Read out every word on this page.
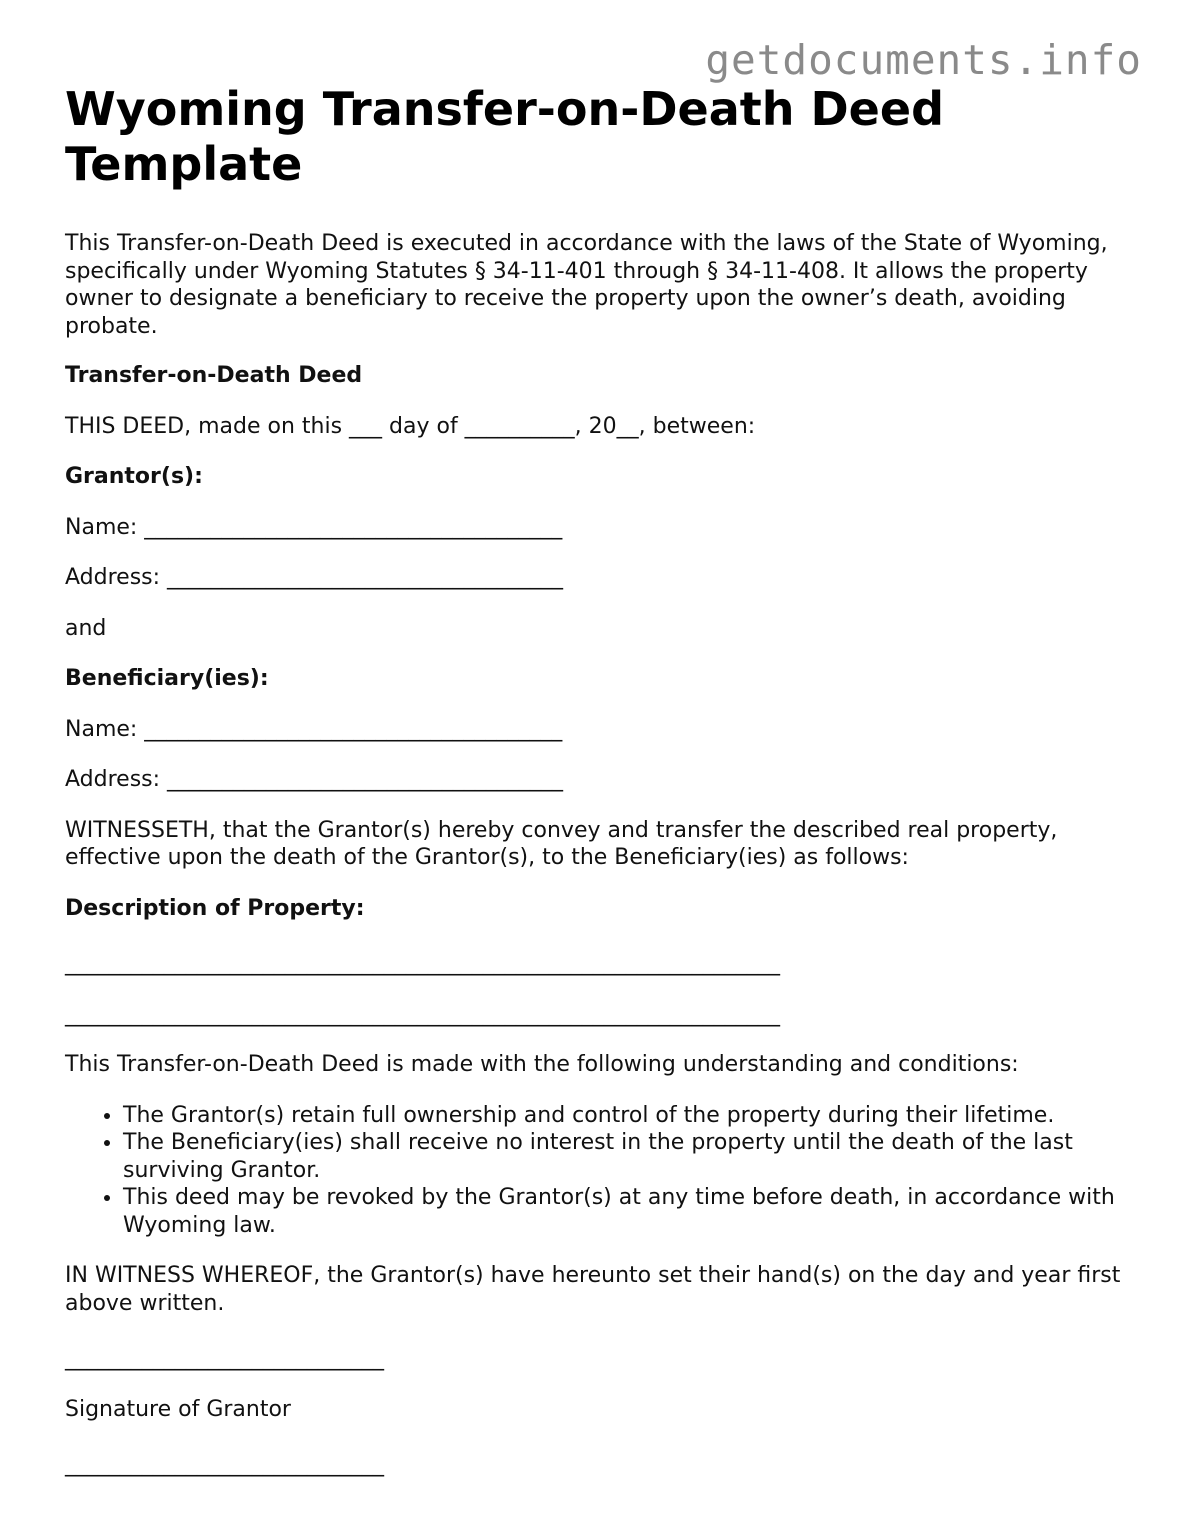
getdocuments.info
Wyoming Transfer-on-Death Deed Template

This Transfer-on-Death Deed is executed in accordance with the laws of the State of Wyoming, specifically under Wyoming Statutes § 34-11-401 through § 34-11-408. It allows the property owner to designate a beneficiary to receive the property upon the owner’s death, avoiding probate.

Transfer-on-Death Deed

THIS DEED, made on this ___ day of __________, 20__, between:

Grantor(s):

Name: ______________________________________

Address: ____________________________________

and

Beneficiary(ies):

Name: ______________________________________

Address: ____________________________________

WITNESSETH, that the Grantor(s) hereby convey and transfer the described real property, effective upon the death of the Grantor(s), to the Beneficiary(ies) as follows:

Description of Property:

_________________________________________________________________

_________________________________________________________________

This Transfer-on-Death Deed is made with the following understanding and conditions:

• The Grantor(s) retain full ownership and control of the property during their lifetime.
• The Beneficiary(ies) shall receive no interest in the property until the death of the last surviving Grantor.
• This deed may be revoked by the Grantor(s) at any time before death, in accordance with Wyoming law.

IN WITNESS WHEREOF, the Grantor(s) have hereunto set their hand(s) on the day and year first above written.

_____________________________

Signature of Grantor

_____________________________
